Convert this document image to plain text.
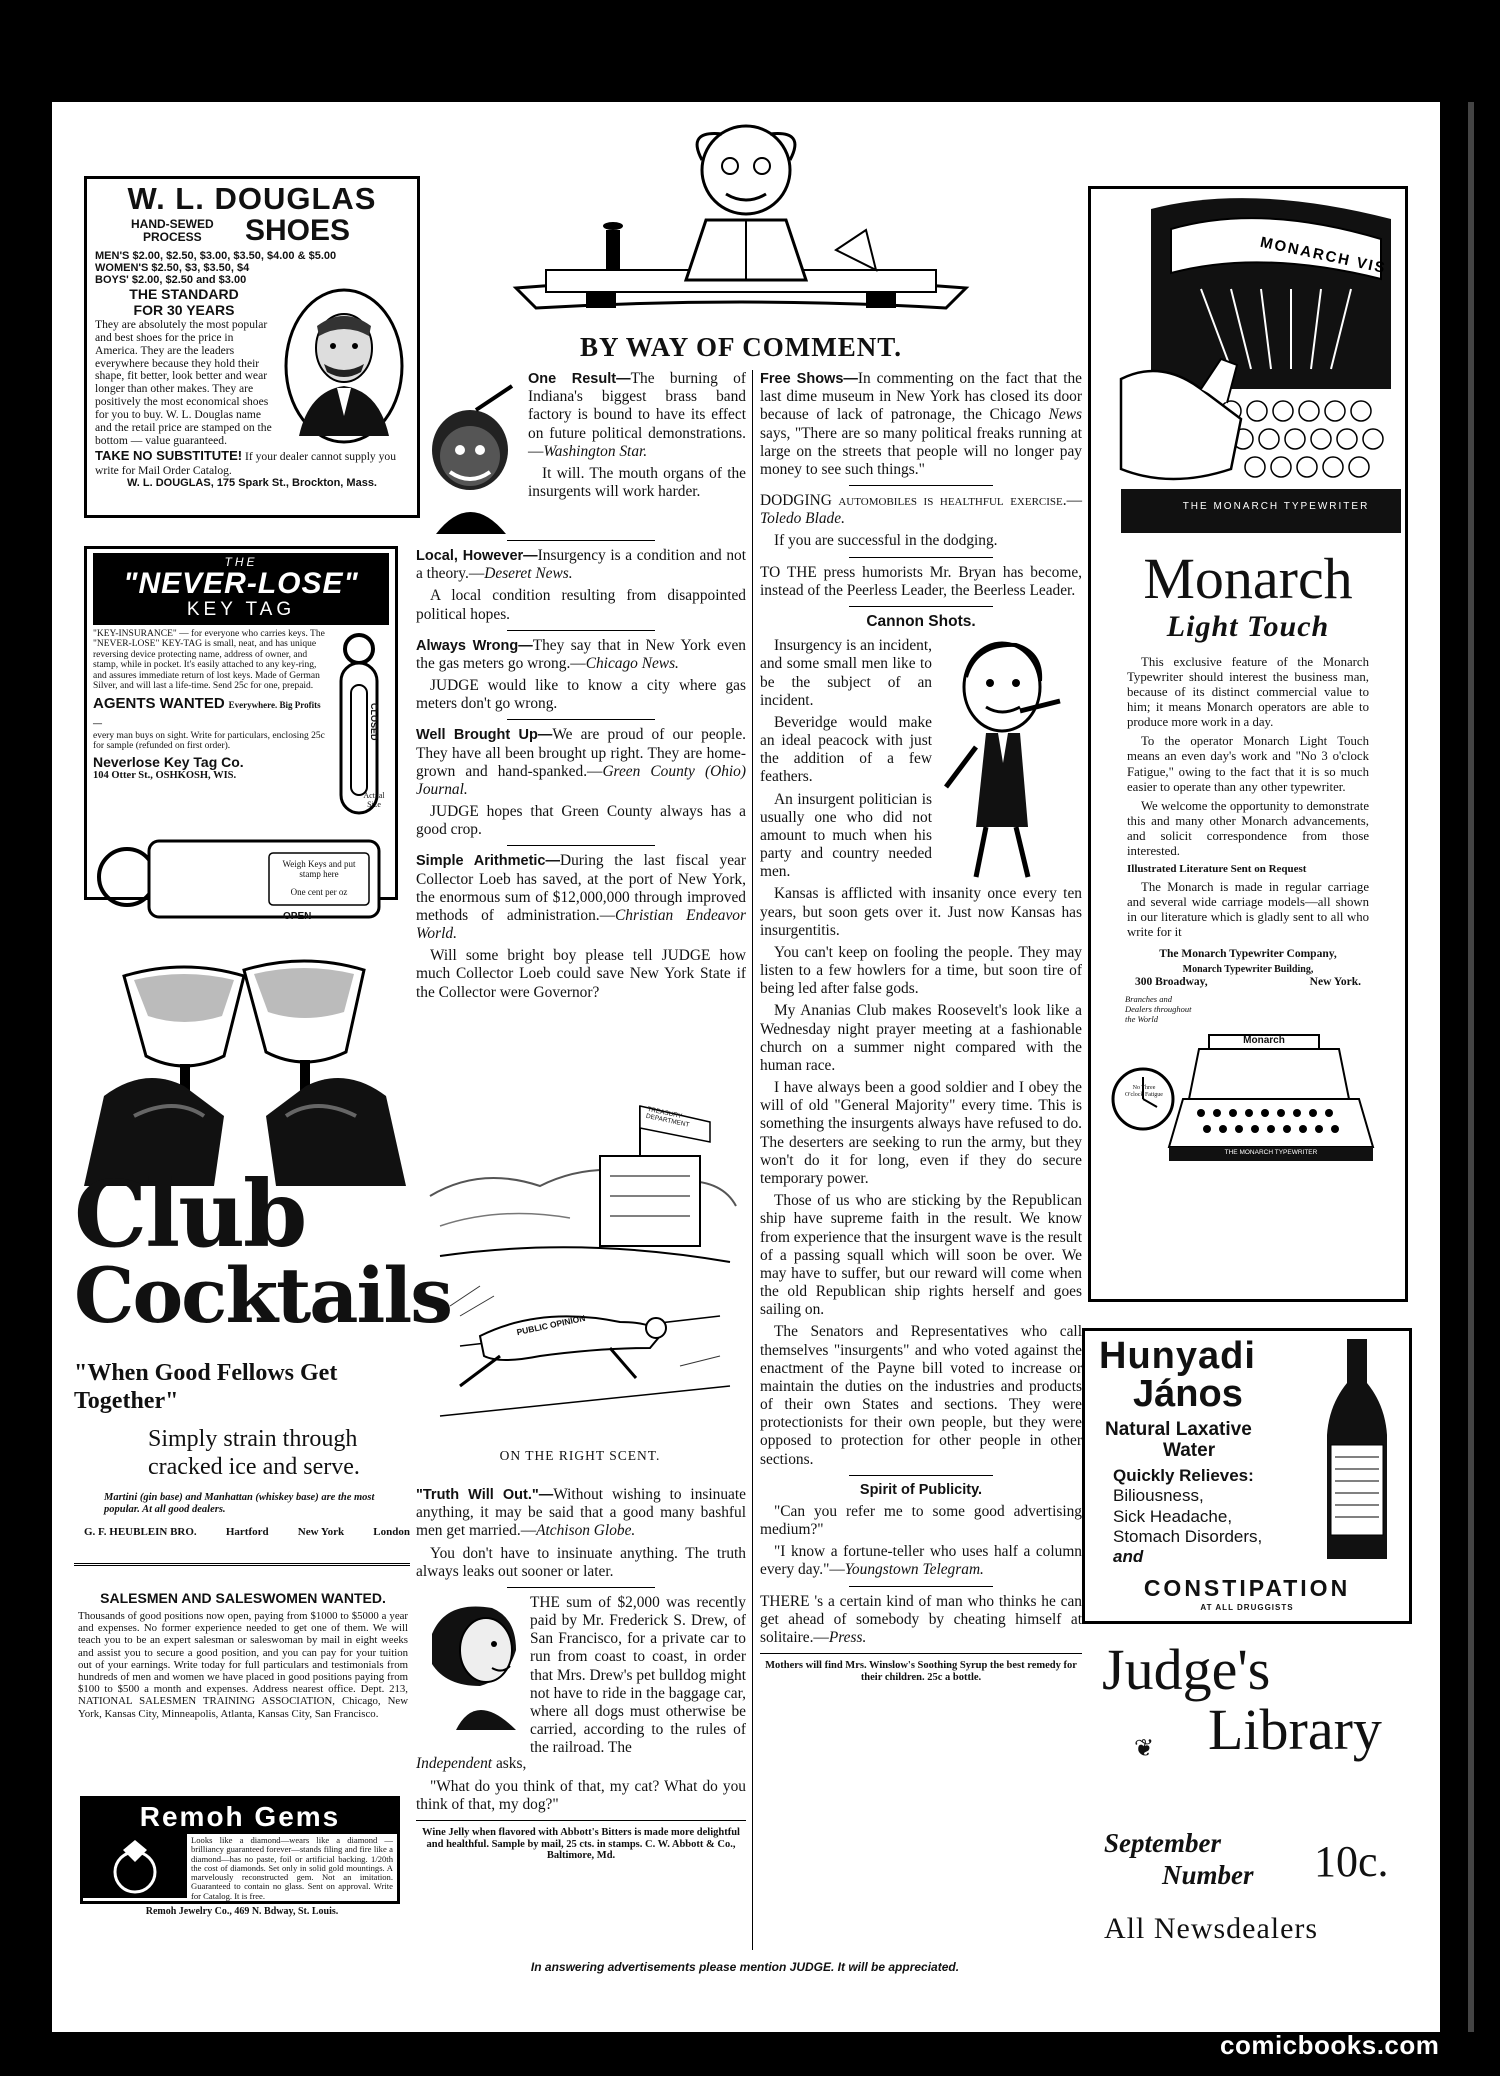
W. L. DOUGLAS
HAND-SEWED
PROCESS	SHOES
MEN'S $2.00, $2.50, $3.00, $3.50, $4.00 & $5.00
WOMEN'S $2.50, $3, $3.50, $4
BOYS' $2.00, $2.50 and $3.00
THE STANDARD
FOR 30 YEARS
They are absolutely the most popular and best shoes for the price in America. They are the leaders everywhere because they hold their shape, fit better, look better and wear longer than other makes. They are positively the most economical shoes for you to buy. W. L. Douglas name and the retail price are stamped on the bottom — value guaranteed.
TAKE NO SUBSTITUTE! If your dealer cannot supply you write for Mail Order Catalog.
W. L. DOUGLAS, 175 Spark St., Brockton, Mass.
THE
"NEVER-LOSE"
KEY TAG
"KEY-INSURANCE" — for everyone who carries keys. The "NEVER-LOSE" KEY-TAG is small, neat, and has unique reversing device protecting name, address of owner, and stamp, while in pocket. It's easily attached to any key-ring, and assures immediate return of lost keys. Made of German Silver, and will last a life-time. Send 25c for one, prepaid.
AGENTS WANTED Everywhere. Big Profits—
every man buys on sight. Write for particulars, enclosing 25c for sample (refunded on first order).
Neverlose Key Tag Co.
104 Otter St., OSHKOSH, WIS.
CLOSED
Weigh Keys and put stamp here
One cent per oz
OPEN
Actual Size
Club
Cocktails
"When Good Fellows Get Together"
Simply strain through
cracked ice and serve.
Martini (gin base) and Manhattan (whiskey base) are the most popular. At all good dealers.
G. F. HEUBLEIN BRO.	Hartford	New York	London
SALESMEN AND SALESWOMEN WANTED.
Thousands of good positions now open, paying from $1000 to $5000 a year and expenses. No former experience needed to get one of them. We will teach you to be an expert salesman or saleswoman by mail in eight weeks and assist you to secure a good position, and you can pay for your tuition out of your earnings. Write today for full particulars and testimonials from hundreds of men and women we have placed in good positions paying from $100 to $500 a month and expenses. Address nearest office. Dept. 213, NATIONAL SALESMEN TRAINING ASSOCIATION, Chicago, New York, Kansas City, Minneapolis, Atlanta, Kansas City, San Francisco.
Remoh Gems
Looks like a diamond—wears like a diamond — brilliancy guaranteed forever—stands filing and fire like a diamond—has no paste, foil or artificial backing. 1/20th the cost of diamonds. Set only in solid gold mountings. A marvelously reconstructed gem. Not an imitation. Guaranteed to contain no glass. Sent on approval. Write for Catalog. It is free.
Remoh Jewelry Co., 469 N. Bdway, St. Louis.
BY WAY OF COMMENT.

One Result—The burning of Indiana's biggest brass band factory is bound to have its effect on future political demonstrations. —Washington Star.

It will. The mouth organs of the insurgents will work harder.

Local, However—Insurgency is a condition and not a theory.—Deseret News.

A local condition resulting from disappointed political hopes.

Always Wrong—They say that in New York even the gas meters go wrong.—Chicago News.

JUDGE would like to know a city where gas meters don't go wrong.

Well Brought Up—We are proud of our people. They have all been brought up right. They are home-grown and hand-spanked.—Green County (Ohio) Journal.

JUDGE hopes that Green County always has a good crop.

Simple Arithmetic—During the last fiscal year Collector Loeb has saved, at the port of New York, the enormous sum of $12,000,000 through improved methods of administration.—Christian Endeavor World.

Will some bright boy please tell JUDGE how much Collector Loeb could save New York State if the Collector were Governor?

TREASURY DEPARTMENT
PUBLIC OPINION
ON THE RIGHT SCENT.

"Truth Will Out."—Without wishing to insinuate anything, it may be said that a good many bashful men get married.—Atchison Globe.

You don't have to insinuate anything. The truth always leaks out sooner or later.

THE sum of $2,000 was recently paid by Mr. Frederick S. Drew, of San Francisco, for a private car to run from coast to coast, in order that Mrs. Drew's pet bulldog might not have to ride in the baggage car, where all dogs must otherwise be carried, according to the rules of the railroad. The

Independent asks,

"What do you think of that, my cat? What do you think of that, my dog?"

Wine Jelly when flavored with Abbott's Bitters is made more delightful and healthful. Sample by mail, 25 cts. in stamps. C. W. Abbott & Co., Baltimore, Md.

Free Shows—In commenting on the fact that the last dime museum in New York has closed its door because of lack of patronage, the Chicago News says, "There are so many political freaks running at large on the streets that people will no longer pay money to see such things."

DODGING automobiles is healthful exercise.—Toledo Blade.

If you are successful in the dodging.

TO THE press humorists Mr. Bryan has become, instead of the Peerless Leader, the Beerless Leader.

Cannon Shots.

Insurgency is an incident, and some small men like to be the subject of an incident.

Beveridge would make an ideal peacock with just the addition of a few feathers.

An insurgent politician is usually one who did not amount to much when his party and country needed men.

Kansas is afflicted with insanity once every ten years, but soon gets over it. Just now Kansas has insurgentitis.

You can't keep on fooling the people. They may listen to a few howlers for a time, but soon tire of being led after false gods.

My Ananias Club makes Roosevelt's look like a Wednesday night prayer meeting at a fashionable church on a summer night compared with the human race.

I have always been a good soldier and I obey the will of old "General Majority" every time. This is something the insurgents always have refused to do. The deserters are seeking to run the army, but they won't do it for long, even if they do secure temporary power.

Those of us who are sticking by the Republican ship have supreme faith in the result. We know from experience that the insurgent wave is the result of a passing squall which will soon be over. We may have to suffer, but our reward will come when the old Republican ship rights herself and goes sailing on.

The Senators and Representatives who call themselves "insurgents" and who voted against the enactment of the Payne bill voted to increase or maintain the duties on the industries and products of their own States and sections. They were protectionists for their own people, but they were opposed to protection for other people in other sections.

Spirit of Publicity.

"Can you refer me to some good advertising medium?"

"I know a fortune-teller who uses half a column every day."—Youngstown Telegram.

THERE 's a certain kind of man who thinks he can get ahead of somebody by cheating himself at solitaire.—Press.

Mothers will find Mrs. Winslow's Soothing Syrup the best remedy for their children. 25c a bottle.
In answering advertisements please mention JUDGE. It will be appreciated.
MONARCH VIS
THE MONARCH TYPEWRITER
Monarch
Light Touch

This exclusive feature of the Monarch Typewriter should interest the business man, because of its distinct commercial value to him; it means Monarch operators are able to produce more work in a day.

To the operator Monarch Light Touch means an even day's work and "No 3 o'clock Fatigue," owing to the fact that it is so much easier to operate than any other typewriter.

We welcome the opportunity to demonstrate this and many other Monarch advancements, and solicit correspondence from those interested.

Illustrated Literature Sent on Request

The Monarch is made in regular carriage and several wide carriage models—all shown in our literature which is gladly sent to all who write for it

The Monarch Typewriter Company,

Monarch Typewriter Building,

300 Broadway,	New York.
Branches and Dealers throughout the World
Monarch
THE MONARCH TYPEWRITER
No Three O'clock Fatigue
Hunyadi
János
Natural Laxative
Water
Quickly Relieves:
Biliousness,
Sick Headache,
Stomach Disorders,
and
CONSTIPATION
AT ALL DRUGGISTS
Judge's
❦ Library
September
Number 10c.
All Newsdealers
comicbooks.com
